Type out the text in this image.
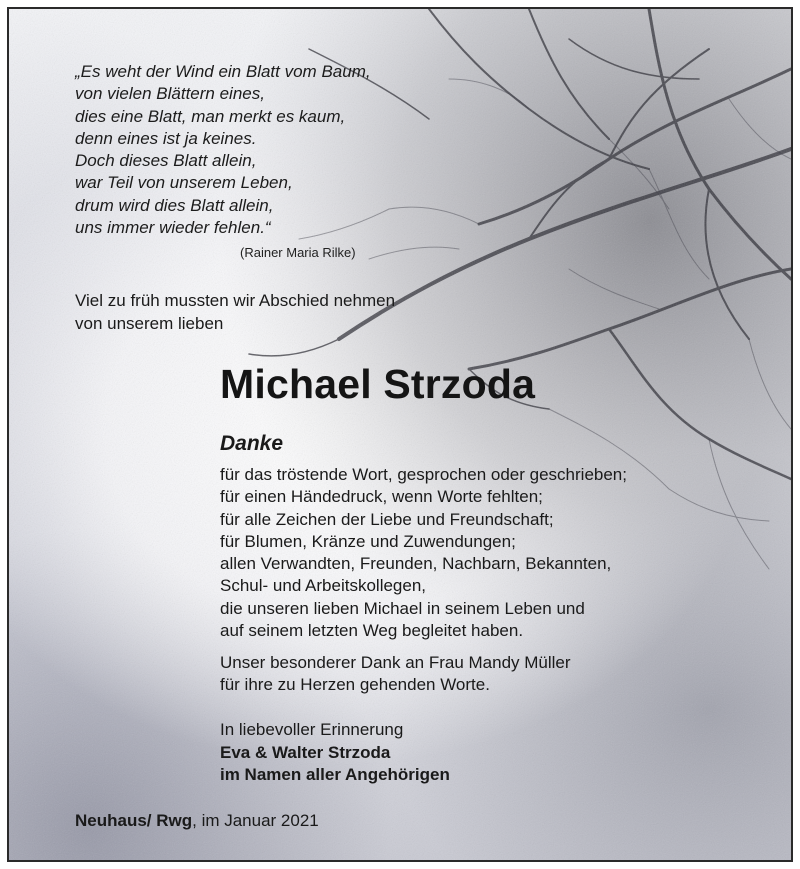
„Es weht der Wind ein Blatt vom Baum,
von vielen Blättern eines,
dies eine Blatt, man merkt es kaum,
denn eines ist ja keines.
Doch dieses Blatt allein,
war Teil von unserem Leben,
drum wird dies Blatt allein,
uns immer wieder fehlen.“
(Rainer Maria Rilke)
Viel zu früh mussten wir Abschied nehmen
von unserem lieben
Michael Strzoda
Danke
für das tröstende Wort, gesprochen oder geschrieben;
für einen Händedruck, wenn Worte fehlten;
für alle Zeichen der Liebe und Freundschaft;
für Blumen, Kränze und Zuwendungen;
allen Verwandten, Freunden, Nachbarn, Bekannten,
Schul- und Arbeitskollegen,
die unseren lieben Michael in seinem Leben und
auf seinem letzten Weg begleitet haben.
Unser besonderer Dank an Frau Mandy Müller
für ihre zu Herzen gehenden Worte.
In liebevoller Erinnerung
Eva & Walter Strzoda
im Namen aller Angehörigen
Neuhaus/ Rwg, im Januar 2021
